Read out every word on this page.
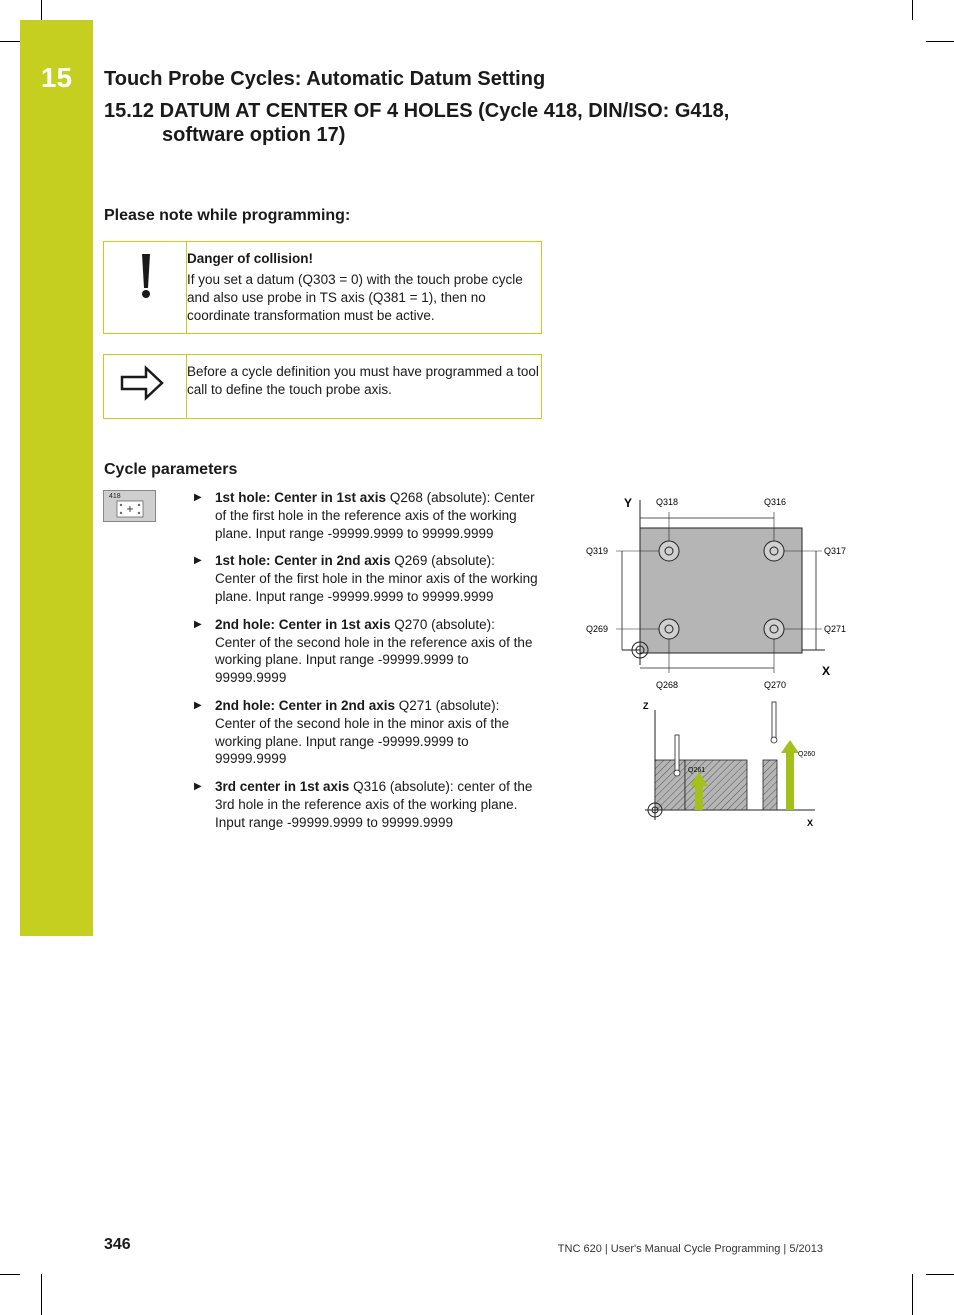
15	Touch Probe Cycles: Automatic Datum Setting
15.12 DATUM AT CENTER OF 4 HOLES (Cycle 418, DIN/ISO: G418,
software option 17)
Please note while programming:
Danger of collision!
If you set a datum (Q303 = 0) with the touch probe cycle and also use probe in TS axis (Q381 = 1), then no coordinate transformation must be active.
Before a cycle definition you must have programmed a tool call to define the touch probe axis.
Cycle parameters
418	▶ 1st hole: Center in 1st axis Q268 (absolute): Center of the first hole in the reference axis of the working plane. Input range -99999.9999 to 99999.9999
▶ 1st hole: Center in 2nd axis Q269 (absolute): Center of the first hole in the minor axis of the working plane. Input range -99999.9999 to 99999.9999
▶ 2nd hole: Center in 1st axis Q270 (absolute): Center of the second hole in the reference axis of the working plane. Input range -99999.9999 to 99999.9999
▶ 2nd hole: Center in 2nd axis Q271 (absolute): Center of the second hole in the minor axis of the working plane. Input range -99999.9999 to 99999.9999
▶ 3rd center in 1st axis Q316 (absolute): center of the 3rd hole in the reference axis of the working plane. Input range -99999.9999 to 99999.9999
Y
X
Q318	Q316
Q319	Q317
Q269	Q271
Q268	Q270
Z
X
Q261
Q260
346	TNC 620 | User's Manual Cycle Programming | 5/2013
